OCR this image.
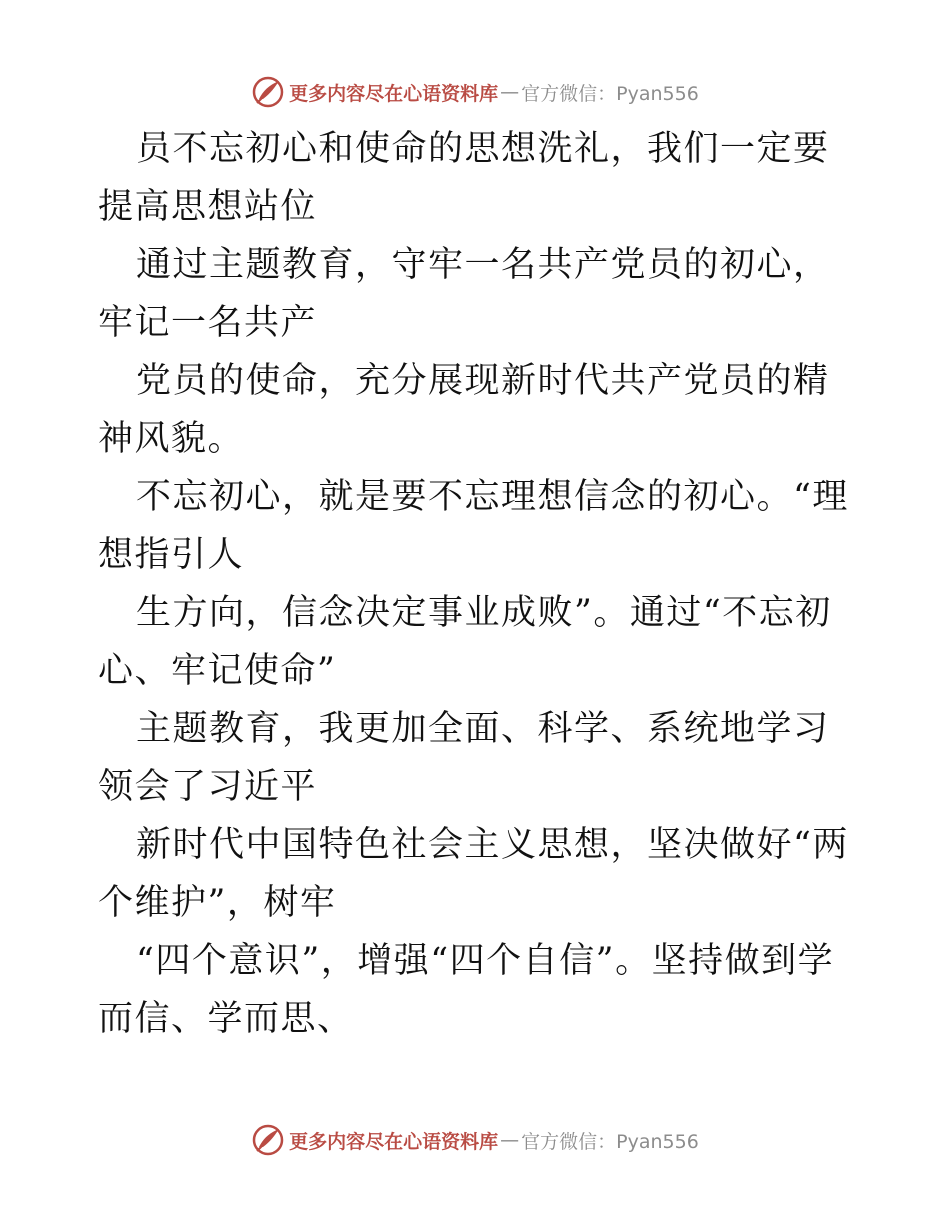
更多内容尽在心语资料库 — 官方微信：Pyan556

员不忘初心和使命的思想洗礼，我们一定要提高思想站位

通过主题教育，守牢一名共产党员的初心，牢记一名共产

党员的使命，充分展现新时代共产党员的精神风貌。

不忘初心，就是要不忘理想信念的初心。“理想指引人

生方向，信念决定事业成败”。通过“不忘初心、牢记使命”

主题教育，我更加全面、科学、系统地学习领会了习近平

新时代中国特色社会主义思想，坚决做好“两个维护”，树牢

“四个意识”，增强“四个自信”。坚持做到学而信、学而思、

更多内容尽在心语资料库 — 官方微信：Pyan556
